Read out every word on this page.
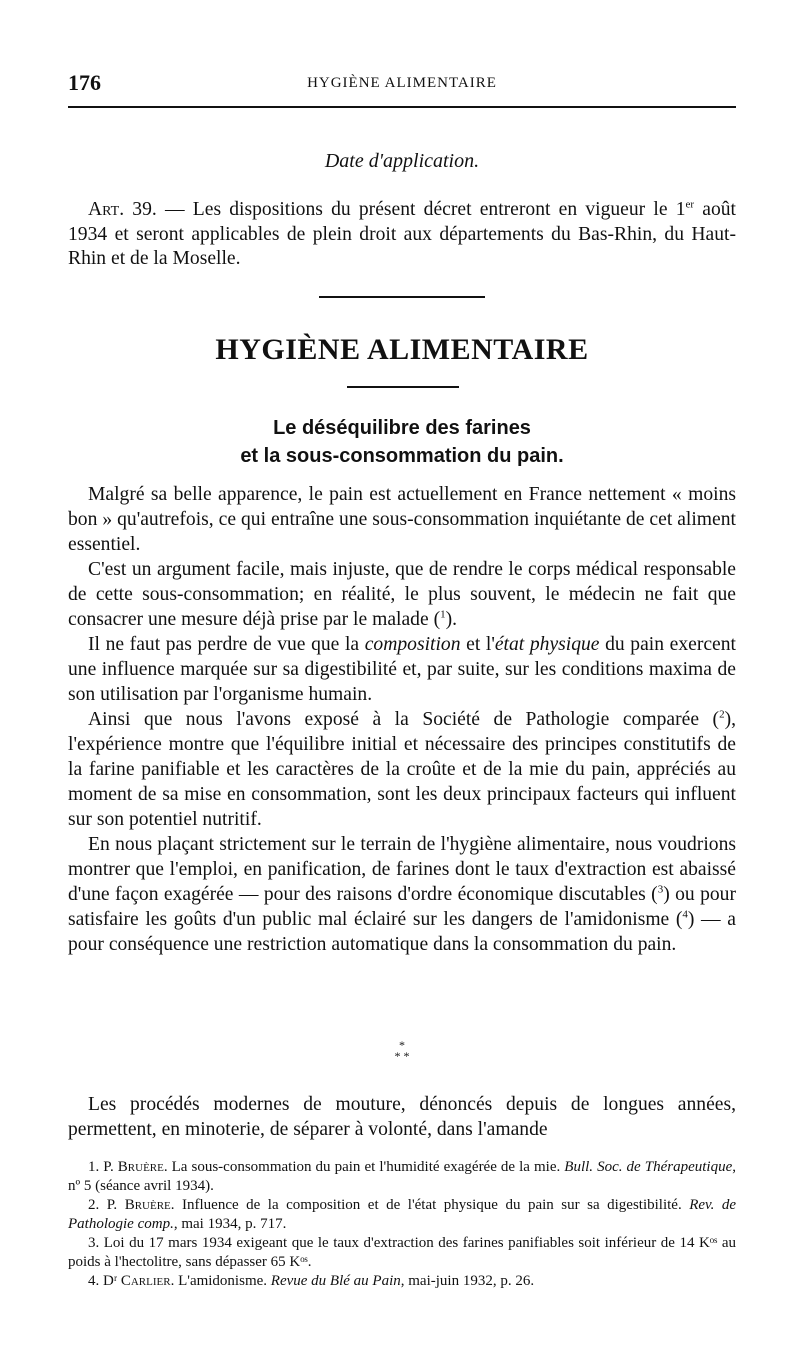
176	HYGIÈNE ALIMENTAIRE
Date d'application.

Art. 39. — Les dispositions du présent décret entreront en vigueur le 1er août 1934 et seront applicables de plein droit aux départements du Bas-Rhin, du Haut-Rhin et de la Moselle.

HYGIÈNE ALIMENTAIRE
Le déséquilibre des farines
et la sous-consommation du pain.

Malgré sa belle apparence, le pain est actuellement en France nettement « moins bon » qu'autrefois, ce qui entraîne une sous-consommation inquiétante de cet aliment essentiel.

C'est un argument facile, mais injuste, que de rendre le corps médical responsable de cette sous-consommation; en réalité, le plus souvent, le médecin ne fait que consacrer une mesure déjà prise par le malade ($^1$).

Il ne faut pas perdre de vue que la composition et l'état physique du pain exercent une influence marquée sur sa digestibilité et, par suite, sur les conditions maxima de son utilisation par l'organisme humain.

Ainsi que nous l'avons exposé à la Société de Pathologie comparée ($^2$), l'expérience montre que l'équilibre initial et nécessaire des principes constitutifs de la farine panifiable et les caractères de la croûte et de la mie du pain, appréciés au moment de sa mise en consommation, sont les deux principaux facteurs qui influent sur son potentiel nutritif.

En nous plaçant strictement sur le terrain de l'hygiène alimentaire, nous voudrions montrer que l'emploi, en panification, de farines dont le taux d'extraction est abaissé d'une façon exagérée — pour des raisons d'ordre économique discutables ($^3$) ou pour satisfaire les goûts d'un public mal éclairé sur les dangers de l'amidonisme ($^4$) — a pour conséquence une restriction automatique dans la consommation du pain.

*
* *

Les procédés modernes de mouture, dénoncés depuis de longues années, permettent, en minoterie, de séparer à volonté, dans l'amande

1. P. Bruère. La sous-consommation du pain et l'humidité exagérée de la mie. Bull. Soc. de Thérapeutique, nº 5 (séance avril 1934).

2. P. Bruère. Influence de la composition et de l'état physique du pain sur sa digestibilité. Rev. de Pathologie comp., mai 1934, p. 717.

3. Loi du 17 mars 1934 exigeant que le taux d'extraction des farines panifiables soit inférieur de 14 Kᵒˢ au poids à l'hectolitre, sans dépasser 65 Kᵒˢ.

4. Dʳ Carlier. L'amidonisme. Revue du Blé au Pain, mai-juin 1932, p. 26.
